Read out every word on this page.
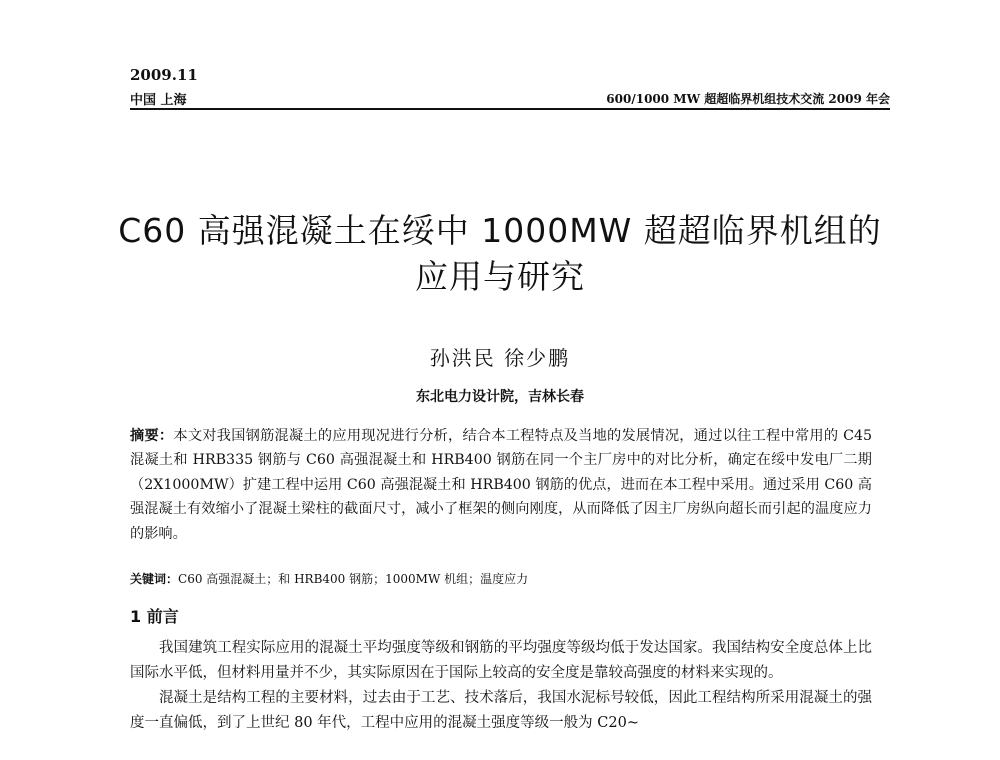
2009.11
中国 上海	600/1000 MW 超超临界机组技术交流 2009 年会
C60 高强混凝土在绥中 1000MW 超超临界机组的
应用与研究
孙洪民 徐少鹏
东北电力设计院，吉林长春
摘要：本文对我国钢筋混凝土的应用现况进行分析，结合本工程特点及当地的发展情况，通过以往工程中常用的 C45 混凝土和 HRB335 钢筋与 C60 高强混凝土和 HRB400 钢筋在同一个主厂房中的对比分析，确定在绥中发电厂二期 （2X1000MW）扩建工程中运用 C60 高强混凝土和 HRB400 钢筋的优点，进而在本工程中采用。通过采用 C60 高强混凝土有效缩小了混凝土梁柱的截面尺寸，减小了框架的侧向刚度，从而降低了因主厂房纵向超长而引起的温度应力的影响。
关键词：C60 高强混凝土；和 HRB400 钢筋；1000MW 机组；温度应力
1 前言

我国建筑工程实际应用的混凝土平均强度等级和钢筋的平均强度等级均低于发达国家。我国结构安全度总体上比国际水平低，但材料用量并不少，其实际原因在于国际上较高的安全度是靠较高强度的材料来实现的。

混凝土是结构工程的主要材料，过去由于工艺、技术落后，我国水泥标号较低，因此工程结构所采用混凝土的强度一直偏低，到了上世纪 80 年代，工程中应用的混凝土强度等级一般为 C20~
